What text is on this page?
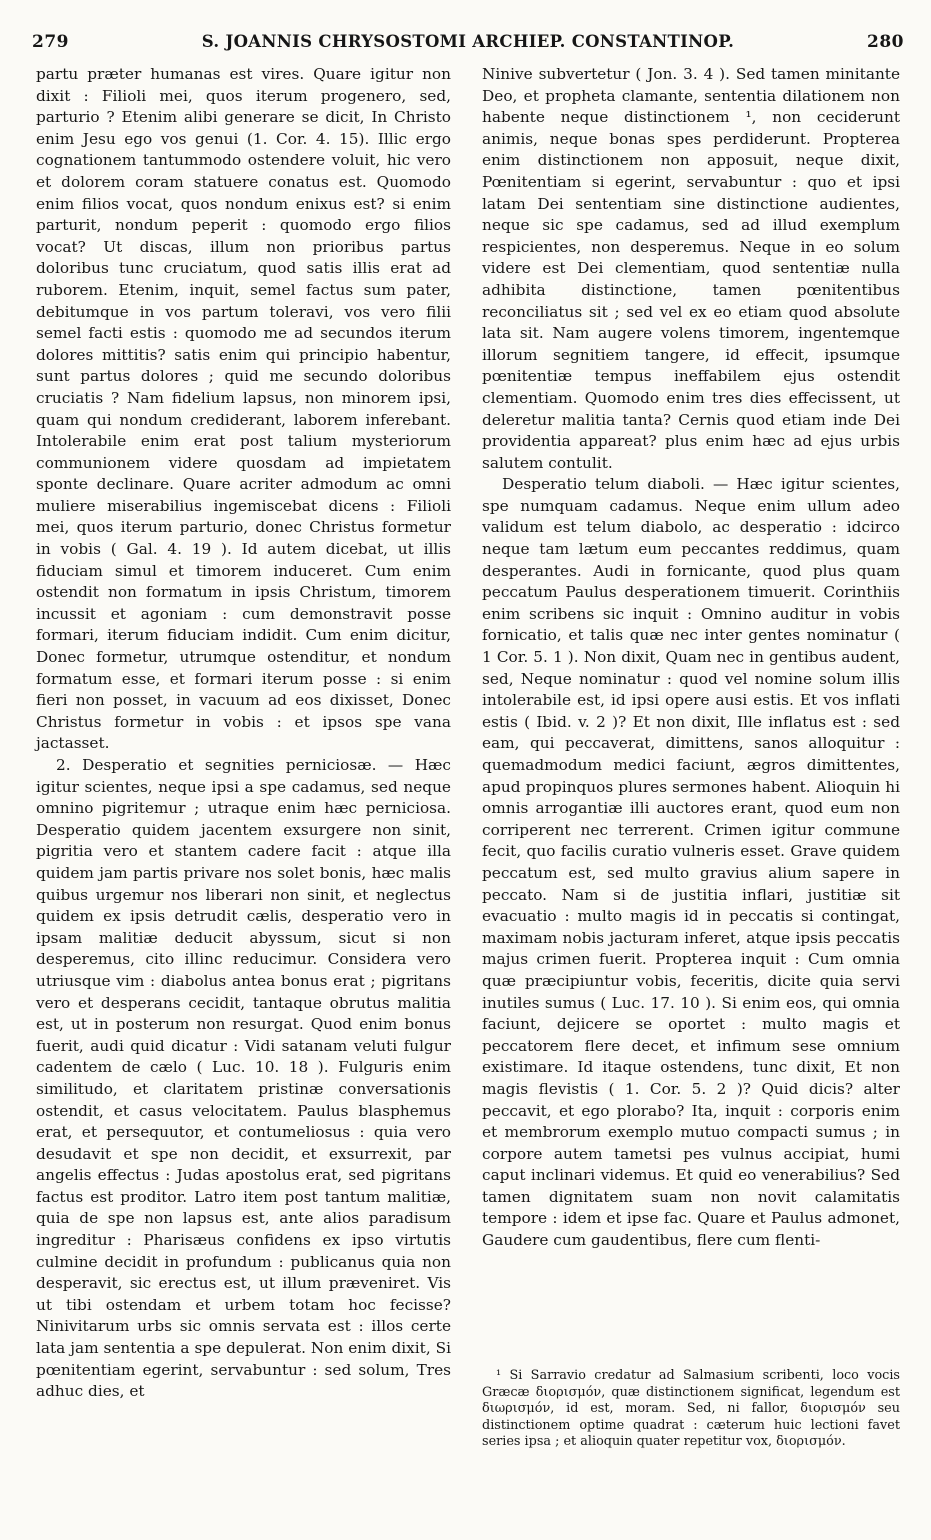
279	S. JOANNIS CHRYSOSTOMI ARCHIEP. CONSTANTINOP.	280

partu præter humanas est vires. Quare igitur non dixit : Filioli mei, quos iterum progenero, sed, parturio ? Etenim alibi generare se dicit, In Christo enim Jesu ego vos genui (1. Cor. 4. 15). Illic ergo cognationem tantummodo ostendere voluit, hic vero et dolorem coram statuere conatus est. Quomodo enim filios vocat, quos nondum enixus est? si enim parturit, nondum peperit : quomodo ergo filios vocat? Ut discas, illum non prioribus partus doloribus tunc cruciatum, quod satis illis erat ad ruborem. Etenim, inquit, semel factus sum pater, debitumque in vos partum toleravi, vos vero filii semel facti estis : quomodo me ad secundos iterum dolores mittitis? satis enim qui principio habentur, sunt partus dolores ; quid me secundo doloribus cruciatis ? Nam fidelium lapsus, non minorem ipsi, quam qui nondum crediderant, laborem inferebant. Intolerabile enim erat post talium mysteriorum communionem videre quosdam ad impietatem sponte declinare. Quare acriter admodum ac omni muliere miserabilius ingemiscebat dicens : Filioli mei, quos iterum parturio, donec Christus formetur in vobis ( Gal. 4. 19 ). Id autem dicebat, ut illis fiduciam simul et timorem induceret. Cum enim ostendit non formatum in ipsis Christum, timorem incussit et agoniam : cum demonstravit posse formari, iterum fiduciam indidit. Cum enim dicitur, Donec formetur, utrumque ostenditur, et nondum formatum esse, et formari iterum posse : si enim fieri non posset, in vacuum ad eos dixisset, Donec Christus formetur in vobis : et ipsos spe vana jactasset.

2. Desperatio et segnities perniciosæ. — Hæc igitur scientes, neque ipsi a spe cadamus, sed neque omnino pigritemur ; utraque enim hæc perniciosa. Desperatio quidem jacentem exsurgere non sinit, pigritia vero et stantem cadere facit : atque illa quidem jam partis privare nos solet bonis, hæc malis quibus urgemur nos liberari non sinit, et neglectus quidem ex ipsis detrudit cælis, desperatio vero in ipsam malitiæ deducit abyssum, sicut si non desperemus, cito illinc reducimur. Considera vero utriusque vim : diabolus antea bonus erat ; pigritans vero et desperans cecidit, tantaque obrutus malitia est, ut in posterum non resurgat. Quod enim bonus fuerit, audi quid dicatur : Vidi satanam veluti fulgur cadentem de cælo ( Luc. 10. 18 ). Fulguris enim similitudo, et claritatem pristinæ conversationis ostendit, et casus velocitatem. Paulus blasphemus erat, et persequutor, et contumeliosus : quia vero desudavit et spe non decidit, et exsurrexit, par angelis effectus : Judas apostolus erat, sed pigritans factus est proditor. Latro item post tantum malitiæ, quia de spe non lapsus est, ante alios paradisum ingreditur : Pharisæus confidens ex ipso virtutis culmine decidit in profundum : publicanus quia non desperavit, sic erectus est, ut illum præveniret. Vis ut tibi ostendam et urbem totam hoc fecisse? Ninivitarum urbs sic omnis servata est : illos certe lata jam sententia a spe depulerat. Non enim dixit, Si pœnitentiam egerint, servabuntur : sed solum, Tres adhuc dies, et

Ninive subvertetur ( Jon. 3. 4 ). Sed tamen minitante Deo, et propheta clamante, sententia dilationem non habente neque distinctionem ¹, non ceciderunt animis, neque bonas spes perdiderunt. Propterea enim distinctionem non apposuit, neque dixit, Pœnitentiam si egerint, servabuntur : quo et ipsi latam Dei sententiam sine distinctione audientes, neque sic spe cadamus, sed ad illud exemplum respicientes, non desperemus. Neque in eo solum videre est Dei clementiam, quod sententiæ nulla adhibita distinctione, tamen pœnitentibus reconciliatus sit ; sed vel ex eo etiam quod absolute lata sit. Nam augere volens timorem, ingentemque illorum segnitiem tangere, id effecit, ipsumque pœnitentiæ tempus ineffabilem ejus ostendit clementiam. Quomodo enim tres dies effecissent, ut deleretur malitia tanta? Cernis quod etiam inde Dei providentia appareat? plus enim hæc ad ejus urbis salutem contulit.

Desperatio telum diaboli. — Hæc igitur scientes, spe numquam cadamus. Neque enim ullum adeo validum est telum diabolo, ac desperatio : idcirco neque tam lætum eum peccantes reddimus, quam desperantes. Audi in fornicante, quod plus quam peccatum Paulus desperationem timuerit. Corinthiis enim scribens sic inquit : Omnino auditur in vobis fornicatio, et talis quæ nec inter gentes nominatur ( 1 Cor. 5. 1 ). Non dixit, Quam nec in gentibus audent, sed, Neque nominatur : quod vel nomine solum illis intolerabile est, id ipsi opere ausi estis. Et vos inflati estis ( Ibid. v. 2 )? Et non dixit, Ille inflatus est : sed eam, qui peccaverat, dimittens, sanos alloquitur : quemadmodum medici faciunt, ægros dimittentes, apud propinquos plures sermones habent. Alioquin hi omnis arrogantiæ illi auctores erant, quod eum non corriperent nec terrerent. Crimen igitur commune fecit, quo facilis curatio vulneris esset. Grave quidem peccatum est, sed multo gravius alium sapere in peccato. Nam si de justitia inflari, justitiæ sit evacuatio : multo magis id in peccatis si contingat, maximam nobis jacturam inferet, atque ipsis peccatis majus crimen fuerit. Propterea inquit : Cum omnia quæ præcipiuntur vobis, feceritis, dicite quia servi inutiles sumus ( Luc. 17. 10 ). Si enim eos, qui omnia faciunt, dejicere se oportet : multo magis et peccatorem flere decet, et infimum sese omnium existimare. Id itaque ostendens, tunc dixit, Et non magis flevistis ( 1. Cor. 5. 2 )? Quid dicis? alter peccavit, et ego plorabo? Ita, inquit : corporis enim et membrorum exemplo mutuo compacti sumus ; in corpore autem tametsi pes vulnus accipiat, humi caput inclinari videmus. Et quid eo venerabilius? Sed tamen dignitatem suam non novit calamitatis tempore : idem et ipse fac. Quare et Paulus admonet, Gaudere cum gaudentibus, flere cum flenti-

¹ Si Sarravio credatur ad Salmasium scribenti, loco vocis Græcæ διορισμόν, quæ distinctionem significat, legendum est διωρισμόν, id est, moram. Sed, ni fallor, διορισμόν seu distinctionem optime quadrat : cæterum huic lectioni favet series ipsa ; et alioquin quater repetitur vox, διορισμόν.
